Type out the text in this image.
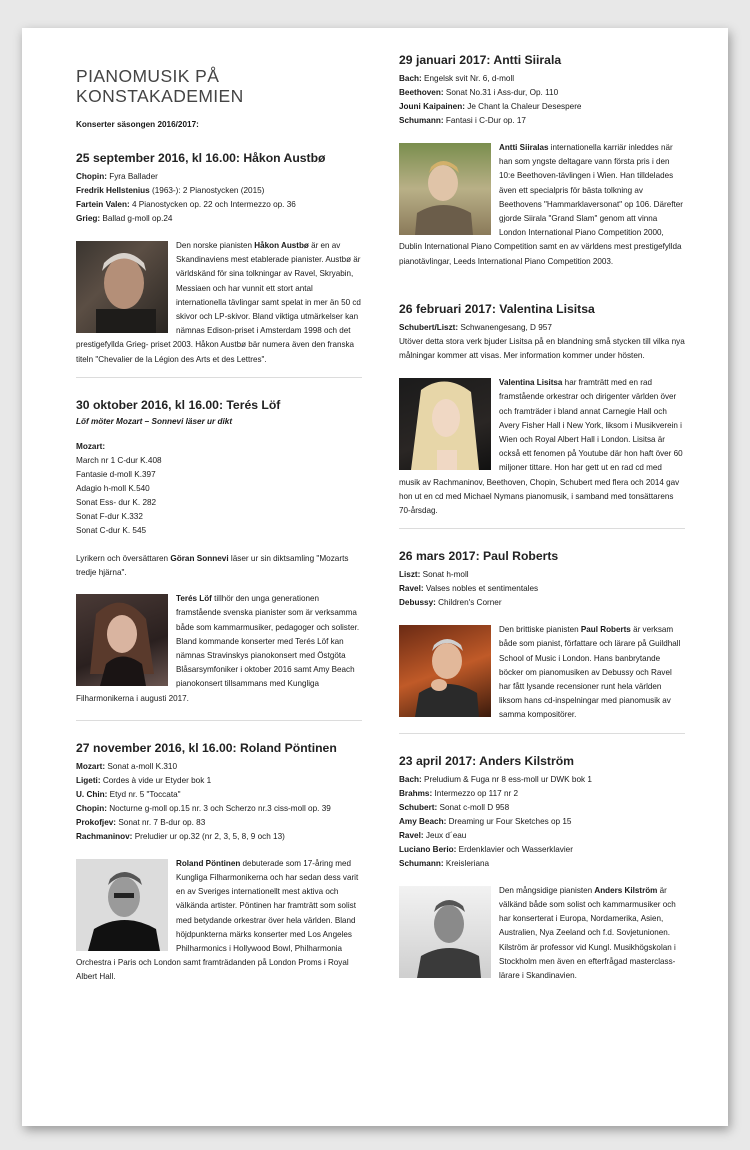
PIANOMUSIK PÅ
KONSTAKADEMIEN
Konserter säsongen 2016/2017:
25 september 2016, kl 16.00: Håkon Austbø
Chopin: Fyra Ballader
Fredrik Hellstenius (1963-): 2 Pianostycken (2015)
Fartein Valen: 4 Pianostycken op. 22 och Intermezzo op. 36
Grieg: Ballad g-moll op.24
Den norske pianisten Håkon Austbø är en av Skandinaviens mest etablerade pianister. Austbø är världskänd för sina tolkningar av Ravel, Skryabin, Messiaen och har vunnit ett stort antal internationella tävlingar samt spelat in mer än 50 cd skivor och LP-skivor. Bland viktiga utmärkelser kan nämnas Edison-priset i Amsterdam 1998 och det prestigefyllda Grieg- priset 2003. Håkon Austbø bär numera även den franska titeln "Chevalier de la Légion des Arts et des Lettres".
30 oktober 2016, kl 16.00: Terés Löf
Löf möter Mozart – Sonnevi läser ur dikt
Mozart:
March nr 1 C-dur K.408
Fantasie d-moll K.397
Adagio h-moll K.540
Sonat Ess- dur K. 282
Sonat F-dur K.332
Sonat C-dur K. 545
Lyrikern och översättaren Göran Sonnevi läser ur sin diktsamling "Mozarts tredje hjärna".
Terés Löf tillhör den unga generationen framstående svenska pianister som är verksamma både som kammarmusiker, pedagoger och solister. Bland kommande konserter med Terés Löf kan nämnas Stravinskys pianokonsert med Östgöta Blåsarsymfoniker i oktober 2016 samt Amy Beach pianokonsert tillsammans med Kungliga Filharmonikerna i augusti 2017.
27 november 2016, kl 16.00: Roland Pöntinen
Mozart: Sonat a-moll K.310
Ligeti: Cordes à vide ur Etyder bok 1
U. Chin: Etyd nr. 5 "Toccata"
Chopin: Nocturne g-moll op.15 nr. 3 och Scherzo nr.3 ciss-moll op. 39
Prokofjev: Sonat nr. 7 B-dur op. 83
Rachmaninov: Preludier ur op.32 (nr 2, 3, 5, 8, 9 och 13)
Roland Pöntinen debuterade som 17-åring med Kungliga Filharmonikerna och har sedan dess varit en av Sveriges internationellt mest aktiva och välkända artister. Pöntinen har framträtt som solist med betydande orkestrar över hela världen. Bland höjdpunkterna märks konserter med Los Angeles Philharmonics i Hollywood Bowl, Philharmonia Orchestra i Paris och London samt framträdanden på London Proms i Royal Albert Hall.
29 januari 2017: Antti Siirala
Bach: Engelsk svit Nr. 6, d-moll
Beethoven: Sonat No.31 i Ass-dur, Op. 110
Jouni Kaipainen: Je Chant la Chaleur Desespere
Schumann: Fantasi i C-Dur op. 17
Antti Siiralas internationella karriär inleddes när han som yngste deltagare vann första pris i den 10:e Beethoven-tävlingen i Wien. Han tilldelades även ett specialpris för bästa tolkning av Beethovens "Hammarklaversonat" op 106. Därefter gjorde Siirala "Grand Slam" genom att vinna London International Piano Competition 2000, Dublin International Piano Competition samt en av världens mest prestigefyllda pianotävlingar, Leeds International Piano Competition 2003.
26 februari 2017: Valentina Lisitsa
Schubert/Liszt: Schwanengesang, D 957
Utöver detta stora verk bjuder Lisitsa på en blandning små stycken till vilka nya målningar kommer att visas. Mer information kommer under hösten.
Valentina Lisitsa har framträtt med en rad framstående orkestrar och dirigenter världen över och framträder i bland annat Carnegie Hall och Avery Fisher Hall i New York, liksom i Musikverein i Wien och Royal Albert Hall i London. Lisitsa är också ett fenomen på Youtube där hon haft över 60 miljoner tittare. Hon har gett ut en rad cd med musik av Rachmaninov, Beethoven, Chopin, Schubert med flera och 2014 gav hon ut en cd med Michael Nymans pianomusik, i samband med tonsättarens 70-årsdag.
26 mars 2017: Paul Roberts
Liszt: Sonat h-moll
Ravel: Valses nobles et sentimentales
Debussy: Children's Corner
Den brittiske pianisten Paul Roberts är verksam både som pianist, författare och lärare på Guildhall School of Music i London. Hans banbrytande böcker om pianomusiken av Debussy och Ravel har fått lysande recensioner runt hela världen liksom hans cd-inspelningar med pianomusik av samma kompositörer.
23 april 2017: Anders Kilström
Bach: Preludium & Fuga nr 8 ess-moll ur DWK bok 1
Brahms: Intermezzo op 117 nr 2
Schubert: Sonat c-moll D 958
Amy Beach: Dreaming ur Four Sketches op 15
Ravel: Jeux d´eau
Luciano Berio: Erdenklavier och Wasserklavier
Schumann: Kreisleriana
Den mångsidige pianisten Anders Kilström är välkänd både som solist och kammarmusiker och har konserterat i Europa, Nordamerika, Asien, Australien, Nya Zeeland och f.d. Sovjetunionen. Kilström är professor vid Kungl. Musikhögskolan i Stockholm men även en efterfrågad masterclass-lärare i Skandinavien.
